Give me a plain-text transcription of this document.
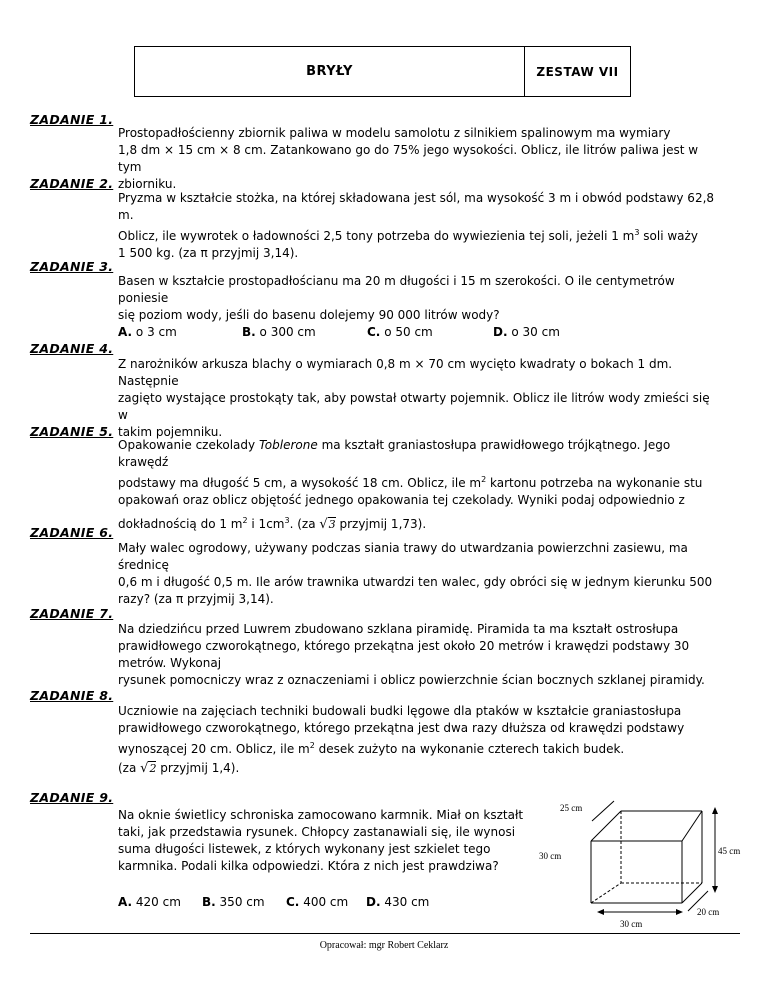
BRYŁY	ZESTAW VII
ZADANIE 1.

Prostopadłościenny zbiornik paliwa w modelu samolotu z silnikiem spalinowym ma wymiary

1,8 dm × 15 cm × 8 cm. Zatankowano go do 75% jego wysokości. Oblicz, ile litrów paliwa jest w tym

zbiorniku.

ZADANIE 2.

Pryzma w kształcie stożka, na której składowana jest sól, ma wysokość 3 m i obwód podstawy 62,8 m.

Oblicz, ile wywrotek o ładowności 2,5 tony potrzeba do wywiezienia tej soli, jeżeli 1 $m^3$ soli waży

1 500 kg. (za π przyjmij 3,14).

ZADANIE 3.

Basen w kształcie prostopadłościanu ma 20 m długości i 15 m szerokości. O ile centymetrów poniesie

się poziom wody, jeśli do basenu dolejemy 90 000 litrów wody?

A. o 3 cm	B. o 300 cm	C. o 50 cm	D. o 30 cm
ZADANIE 4.

Z narożników arkusza blachy o wymiarach 0,8 m × 70 cm wycięto kwadraty o bokach 1 dm. Następnie

zagięto wystające prostokąty tak, aby powstał otwarty pojemnik. Oblicz ile litrów wody zmieści się w

takim pojemniku.

ZADANIE 5.

Opakowanie czekolady Toblerone ma kształt graniastosłupa prawidłowego trójkątnego. Jego krawędź

podstawy ma długość 5 cm, a wysokość 18 cm. Oblicz, ile $m^2$ kartonu potrzeba na wykonanie stu

opakowań oraz oblicz objętość jednego opakowania tej czekolady. Wyniki podaj odpowiednio z

dokładnością do 1 $m^2$ i $1cm^3$. (za √3 przyjmij 1,73).

ZADANIE 6.

Mały walec ogrodowy, używany podczas siania trawy do utwardzania powierzchni zasiewu, ma średnicę

0,6 m i długość 0,5 m. Ile arów trawnika utwardzi ten walec, gdy obróci się w jednym kierunku 500

razy? (za π przyjmij 3,14).

ZADANIE 7.

Na dziedzińcu przed Luwrem zbudowano szklana piramidę. Piramida ta ma kształt ostrosłupa

prawidłowego czworokątnego, którego przekątna jest około 20 metrów i krawędzi podstawy 30 metrów. Wykonaj

rysunek pomocniczy wraz z oznaczeniami i oblicz powierzchnie ścian bocznych szklanej piramidy.

ZADANIE 8.

Uczniowie na zajęciach techniki budowali budki lęgowe dla ptaków w kształcie graniastosłupa

prawidłowego czworokątnego, którego przekątna jest dwa razy dłuższa od krawędzi podstawy

wynoszącej 20 cm. Oblicz, ile $m^2$ desek zużyto na wykonanie czterech takich budek.

(za √2 przyjmij 1,4).

ZADANIE 9.

Na oknie świetlicy schroniska zamocowano karmnik. Miał on kształt

taki, jak przedstawia rysunek. Chłopcy zastanawiali się, ile wynosi

suma długości listewek, z których wykonany jest szkielet tego

karmnika. Podali kilka odpowiedzi. Która z nich jest prawdziwa?

A. 420 cm	B. 350 cm	C. 400 cm	D. 430 cm
25 cm
30 cm	45 cm
30 cm
20 cm
Opracował: mgr Robert Ceklarz
